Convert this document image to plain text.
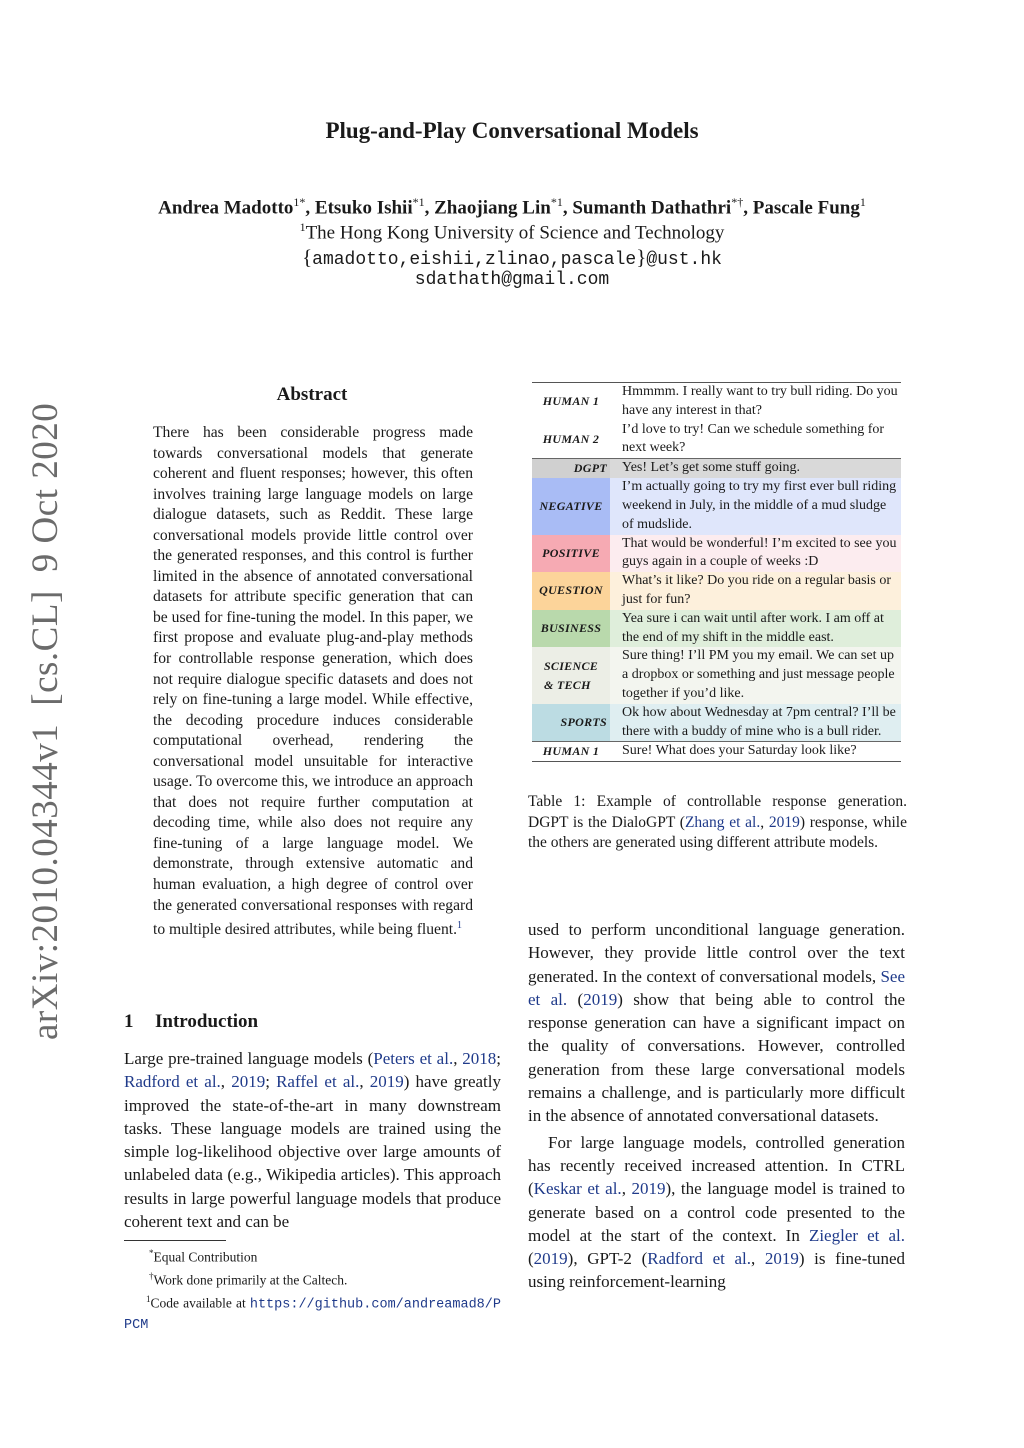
Plug-and-Play Conversational Models
Andrea Madotto$^{1*}$, Etsuko Ishii$^{*1}$, Zhaojiang Lin$^{*1}$, Sumanth Dathathri*†, Pascale Fung$^1$
$^1$The Hong Kong University of Science and Technology
{amadotto,eishii,zlinao,pascale}@ust.hk
sdathath@gmail.com
arXiv:2010.04344v1[cs.CL]9 Oct 2020
Abstract
There has been considerable progress made towards conversational models that generate coherent and fluent responses; however, this often involves training large language models on large dialogue datasets, such as Reddit. These large conversational models provide little control over the generated responses, and this control is further limited in the absence of annotated conversational datasets for attribute specific generation that can be used for fine-tuning the model. In this paper, we first propose and evaluate plug-and-play methods for controllable response generation, which does not require dialogue specific datasets and does not rely on fine-tuning a large model. While effective, the decoding procedure induces considerable computational overhead, rendering the conversational model unsuitable for interactive usage. To overcome this, we introduce an approach that does not require further computation at decoding time, while also does not require any fine-tuning of a large language model. We demonstrate, through extensive automatic and human evaluation, a high degree of control over the generated conversational responses with regard to multiple desired attributes, while being fluent.$^1$
1 Introduction
Large pre-trained language models (Peters et al., 2018; Radford et al., 2019; Raffel et al., 2019) have greatly improved the state-of-the-art in many downstream tasks. These language models are trained using the simple log-likelihood objective over large amounts of unlabeled data (e.g., Wikipedia articles). This approach results in large powerful language models that produce coherent text and can be

*Equal Contribution

†Work done primarily at the Caltech.

$^1$Code available at https://github.com/andreamad8/PPCM

HUMAN 1
Hmmmm. I really want to try bull riding. Do you have any interest in that?
HUMAN 2
I’d love to try! Can we schedule something for next week?
DGPT	Yes! Let’s get some stuff going.
NEGATIVE
I’m actually going to try my first ever bull riding weekend in July, in the middle of a mud sludge of mudslide.
POSITIVE
That would be wonderful! I’m excited to see you guys again in a couple of weeks :D
QUESTION
What’s it like? Do you ride on a regular basis or just for fun?
BUSINESS
Yea sure i can wait until after work. I am off at the end of my shift in the middle east.
SCIENCE & TECH
Sure thing! I’ll PM you my email. We can set up a dropbox or something and just message people together if you’d like.
SPORTS
Ok how about Wednesday at 7pm central? I’ll be there with a buddy of mine who is a bull rider.
HUMAN 1	Sure! What does your Saturday look like?
Table 1: Example of controllable response generation. DGPT is the DialoGPT (Zhang et al., 2019) response, while the others are generated using different attribute models.

used to perform unconditional language generation. However, they provide little control over the text generated. In the context of conversational models, See et al. (2019) show that being able to control the response generation can have a significant impact on the quality of conversations. However, controlled generation from these large conversational models remains a challenge, and is particularly more difficult in the absence of annotated conversational datasets.

For large language models, controlled generation has recently received increased attention. In CTRL (Keskar et al., 2019), the language model is trained to generate based on a control code presented to the model at the start of the context. In Ziegler et al. (2019), GPT-2 (Radford et al., 2019) is fine-tuned using reinforcement-learning
